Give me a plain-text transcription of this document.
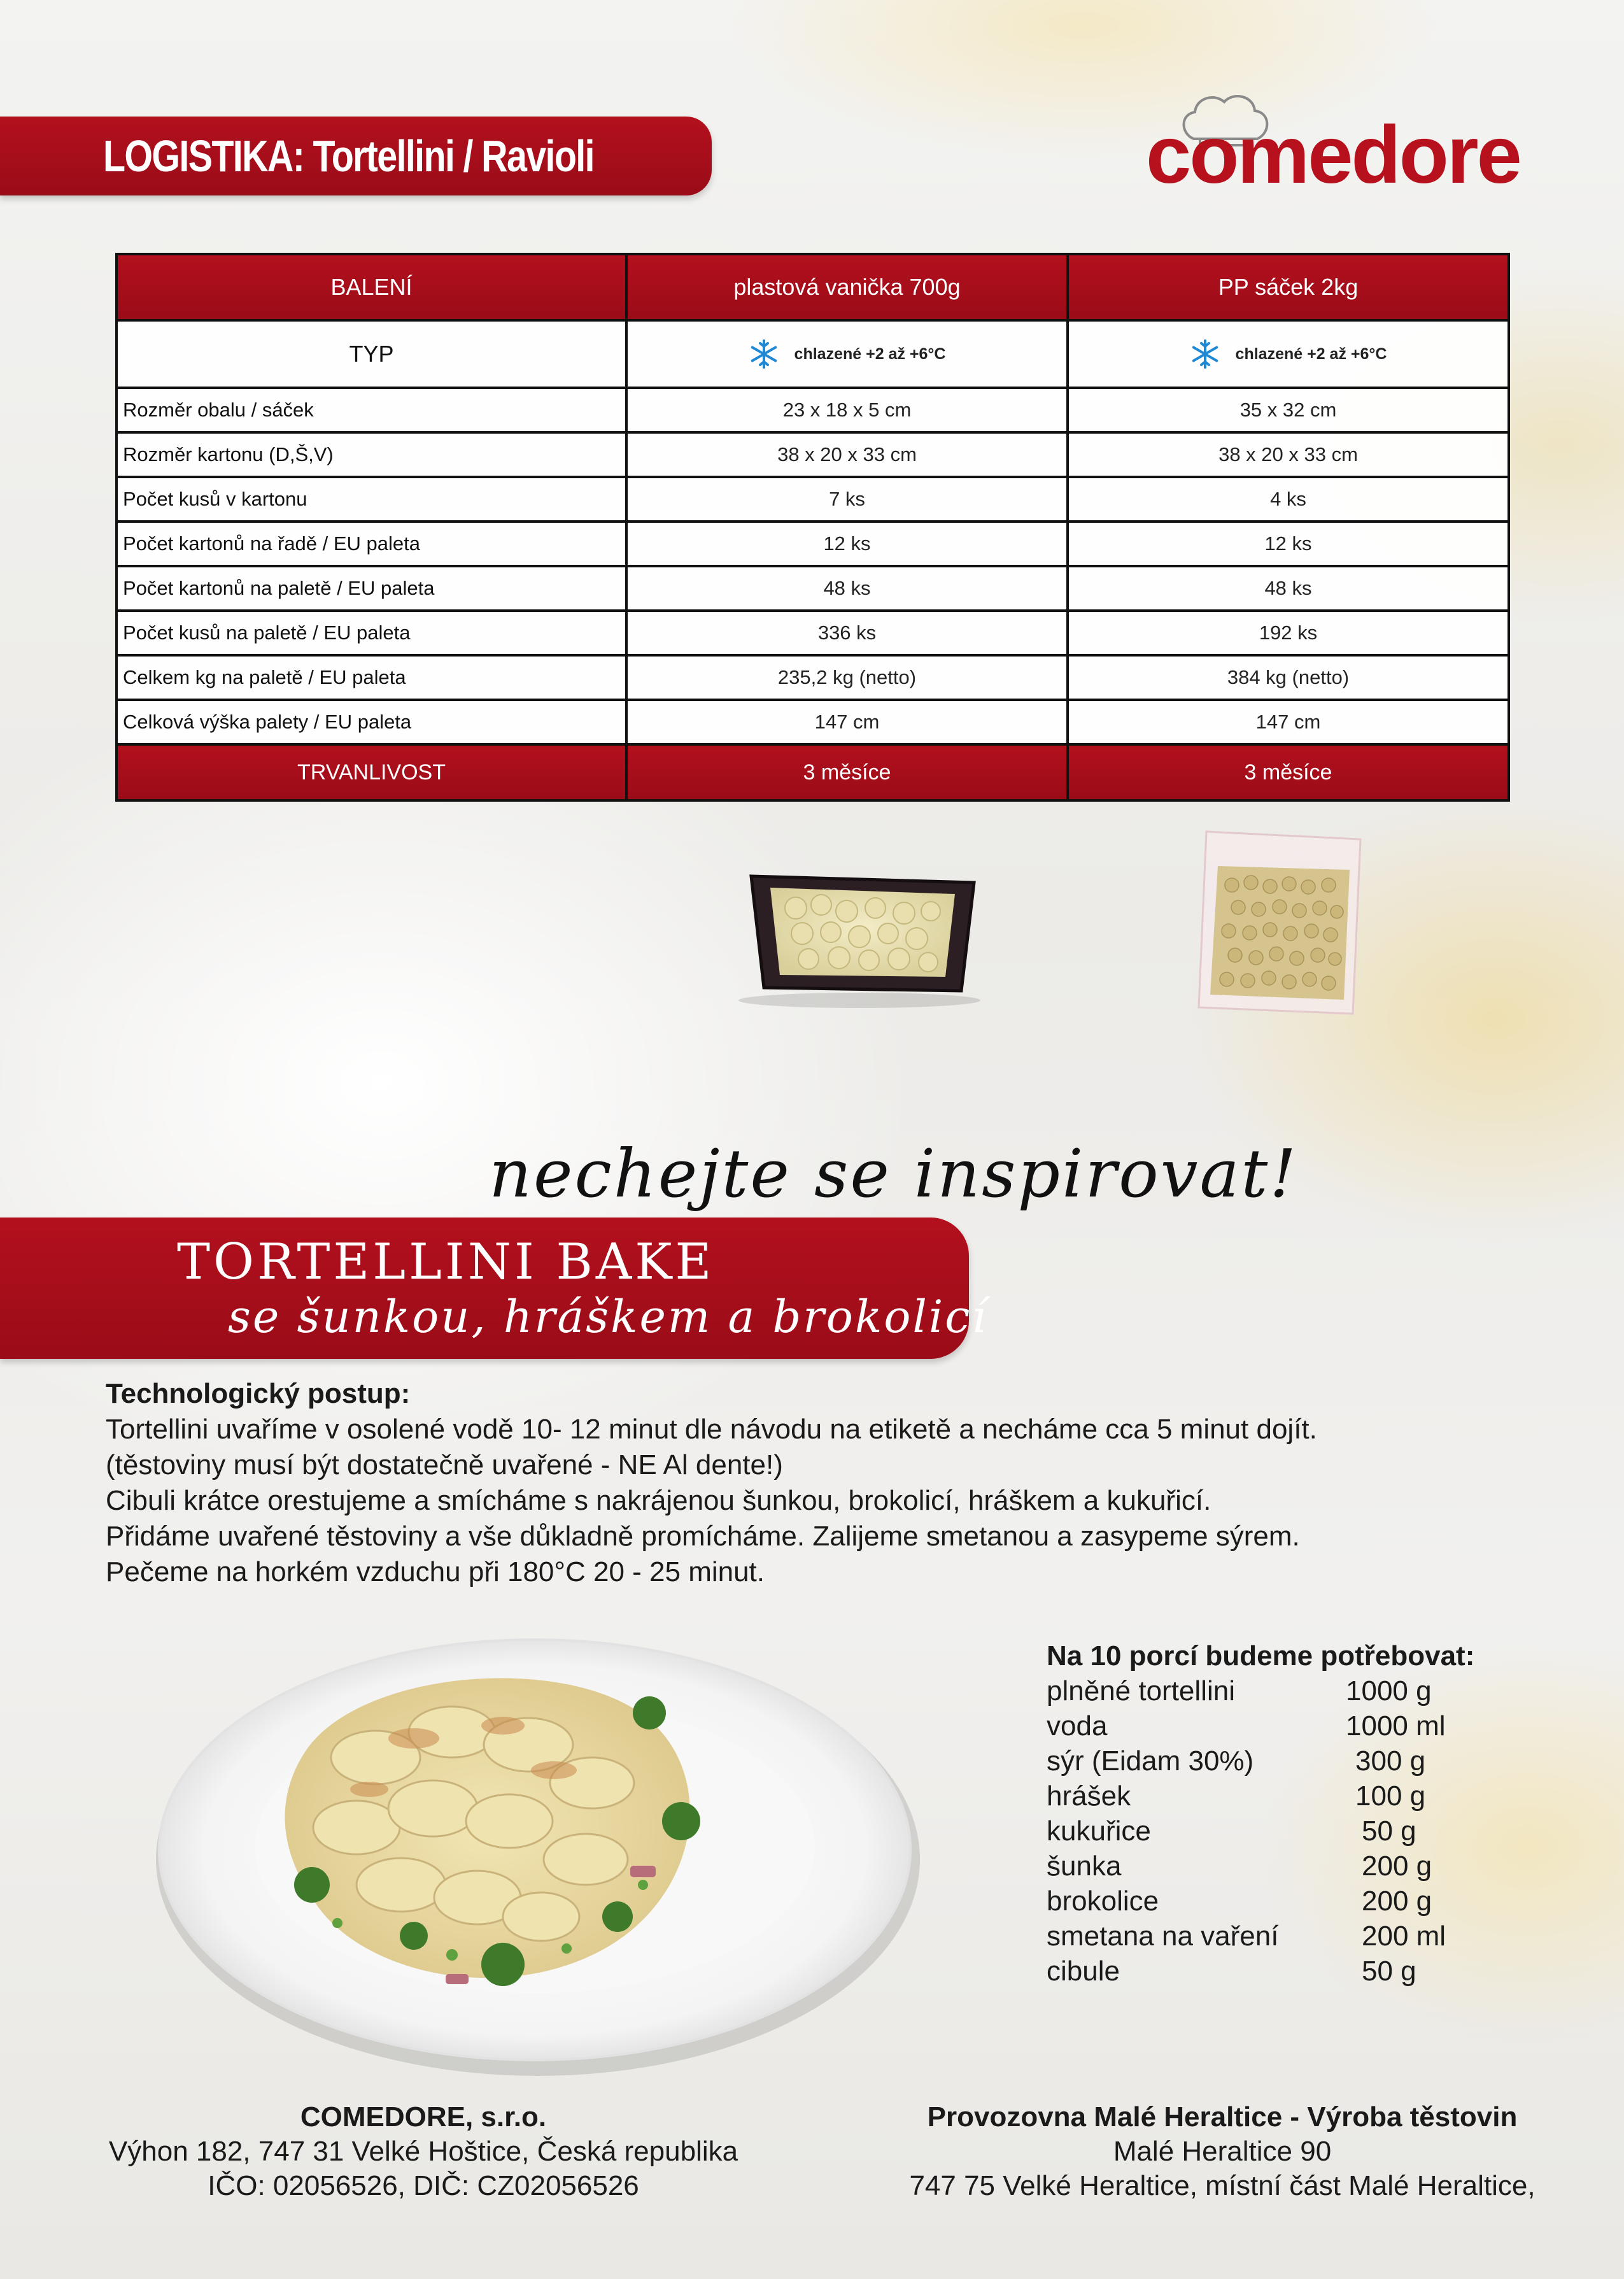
LOGISTIKA: Tortellini / Ravioli	comedore
BALENÍ	plastová vanička 700g	PP sáček 2kg
TYP	chlazené +2 až +6°C	chlazené +2 až +6°C

Rozměr obalu / sáček	23 x 18 x 5 cm	35 x 32 cm
Rozměr kartonu (D,Š,V)	38 x 20 x 33 cm	38 x 20 x 33 cm
Počet kusů v kartonu	7 ks	4 ks
Počet kartonů na řadě / EU paleta	12 ks	12 ks
Počet kartonů na paletě / EU paleta	48 ks	48 ks
Počet kusů na paletě / EU paleta	336 ks	192 ks
Celkem kg na paletě / EU paleta	235,2 kg (netto)	384 kg (netto)
Celková výška palety / EU paleta	147 cm	147 cm
TRVANLIVOST	3 měsíce	3 měsíce
nechejte se inspirovat!
TORTELLINI BAKE
se šunkou, hráškem a brokolicí
Technologický postup:
Tortellini uvaříme v osolené vodě 10- 12 minut dle návodu na etiketě a necháme cca 5 minut dojít.
(těstoviny musí být dostatečně uvařené - NE Al dente!)
Cibuli krátce orestujeme a smícháme s nakrájenou šunkou, brokolicí, hráškem a kukuřicí.
Přidáme uvařené těstoviny a vše důkladně promícháme. Zalijeme smetanou a zasypeme sýrem.
Pečeme na horkém vzduchu při 180°C 20 - 25 minut.
Na 10 porcí budeme potřebovat:
plněné tortellini	1000 g
voda	1000 ml
sýr (Eidam 30%)	300 g
hrášek	100 g
kukuřice	50 g
šunka	200 g
brokolice	200 g
smetana na vaření	200 ml
cibule	50 g
COMEDORE, s.r.o.
Výhon 182, 747 31 Velké Hoštice, Česká republika
IČO: 02056526, DIČ: CZ02056526
Provozovna Malé Heraltice - Výroba těstovin
Malé Heraltice 90
747 75 Velké Heraltice, místní část Malé Heraltice,
